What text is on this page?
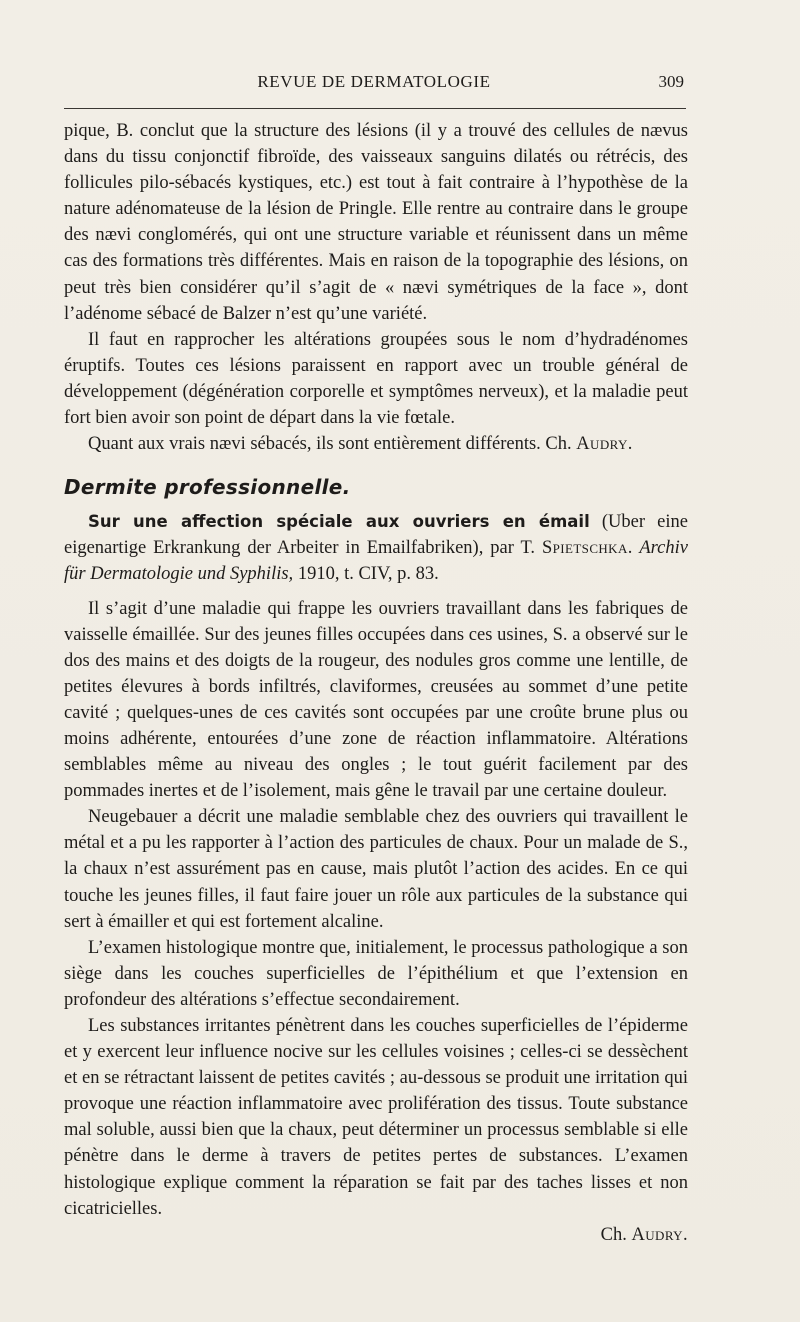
REVUE DE DERMATOLOGIE	309

pique, B. conclut que la structure des lésions (il y a trouvé des cellules de nævus dans du tissu conjonctif fibroïde, des vaisseaux sanguins dilatés ou rétrécis, des follicules pilo-sébacés kystiques, etc.) est tout à fait contraire à l’hypothèse de la nature adénomateuse de la lésion de Pringle. Elle rentre au contraire dans le groupe des nævi conglomérés, qui ont une structure variable et réunissent dans un même cas des formations très différentes. Mais en raison de la topographie des lésions, on peut très bien considérer qu’il s’agit de « nævi symétriques de la face », dont l’adénome sébacé de Balzer n’est qu’une variété.

Il faut en rapprocher les altérations groupées sous le nom d’hydradénomes éruptifs. Toutes ces lésions paraissent en rapport avec un trouble général de développement (dégénération corporelle et symptômes nerveux), et la maladie peut fort bien avoir son point de départ dans la vie fœtale.

Quant aux vrais nævi sébacés, ils sont entièrement différents. Ch. Audry.

Dermite professionnelle.

Sur une affection spéciale aux ouvriers en émail (Uber eine eigenartige Erkrankung der Arbeiter in Emailfabriken), par T. Spietschka. Archiv für Dermatologie und Syphilis, 1910, t. CIV, p. 83.

Il s’agit d’une maladie qui frappe les ouvriers travaillant dans les fabriques de vaisselle émaillée. Sur des jeunes filles occupées dans ces usines, S. a observé sur le dos des mains et des doigts de la rougeur, des nodules gros comme une lentille, de petites élevures à bords infiltrés, claviformes, creusées au sommet d’une petite cavité ; quelques-unes de ces cavités sont occupées par une croûte brune plus ou moins adhérente, entourées d’une zone de réaction inflammatoire. Altérations semblables même au niveau des ongles ; le tout guérit facilement par des pommades inertes et de l’isolement, mais gêne le travail par une certaine douleur.

Neugebauer a décrit une maladie semblable chez des ouvriers qui travaillent le métal et a pu les rapporter à l’action des particules de chaux. Pour un malade de S., la chaux n’est assurément pas en cause, mais plutôt l’action des acides. En ce qui touche les jeunes filles, il faut faire jouer un rôle aux particules de la substance qui sert à émailler et qui est fortement alcaline.

L’examen histologique montre que, initialement, le processus pathologique a son siège dans les couches superficielles de l’épithélium et que l’extension en profondeur des altérations s’effectue secondairement.

Les substances irritantes pénètrent dans les couches superficielles de l’épiderme et y exercent leur influence nocive sur les cellules voisines ; celles-ci se dessèchent et en se rétractant laissent de petites cavités ; au-dessous se produit une irritation qui provoque une réaction inflammatoire avec prolifération des tissus. Toute substance mal soluble, aussi bien que la chaux, peut déterminer un processus semblable si elle pénètre dans le derme à travers de petites pertes de substances. L’examen histologique explique comment la réparation se fait par des taches lisses et non cicatricielles.

Ch. Audry.
